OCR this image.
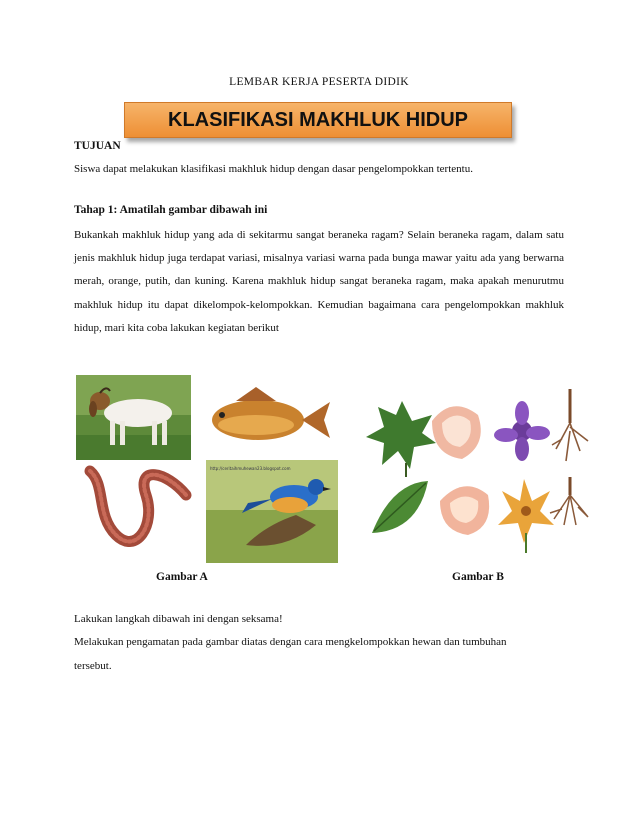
LEMBAR KERJA PESERTA DIDIK
KLASIFIKASI MAKHLUK HIDUP
TUJUAN
Siswa dapat melakukan klasifikasi makhluk hidup dengan dasar pengelompokkan tertentu.
Tahap 1: Amatilah gambar dibawah ini
Bukankah makhluk hidup yang ada di sekitarmu sangat beraneka ragam? Selain beraneka ragam, dalam satu jenis makhluk hidup juga terdapat variasi, misalnya variasi warna pada bunga mawar yaitu ada yang berwarna merah, orange, putih, dan kuning. Karena makhluk hidup sangat beraneka ragam, maka apakah menurutmu makhluk hidup itu dapat dikelompok-kelompokkan. Kemudian bagaimana cara pengelompokkan makhluk hidup, mari kita coba lakukan kegiatan berikut
http://ceritaihmuhewan23.blogspot.com
Gambar A	Gambar B
Lakukan langkah dibawah ini dengan seksama!
Melakukan pengamatan pada gambar diatas dengan cara mengkelompokkan hewan dan tumbuhan tersebut.
